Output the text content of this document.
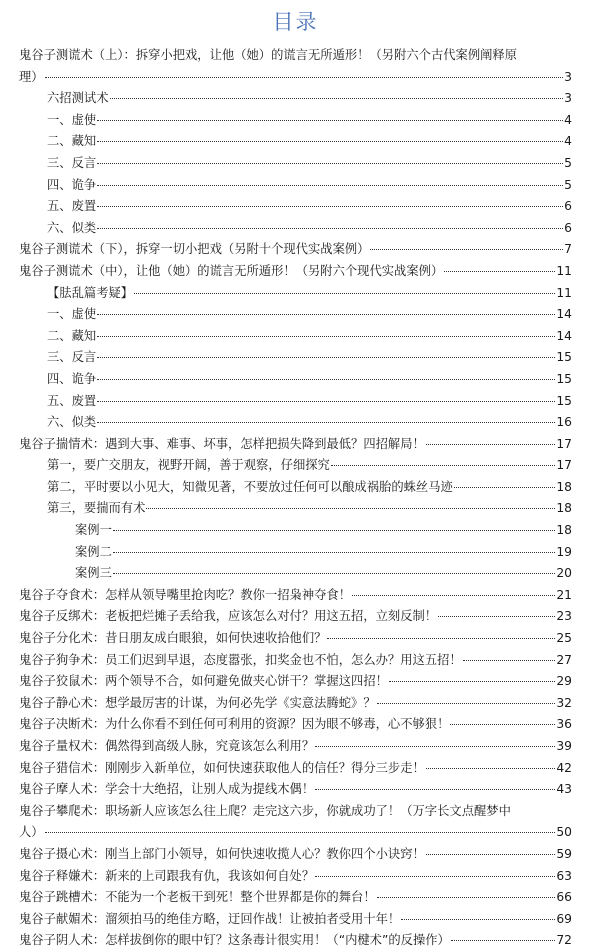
目录
鬼谷子测谎术（上）：拆穿小把戏，让他（她）的谎言无所遁形！（另附六个古代案例阐释原
理）	3
六招测试术	3
一、虚使	4
二、藏知	4
三、反言	5
四、诡争	5
五、废置	6
六、似类	6
鬼谷子测谎术（下），拆穿一切小把戏（另附十个现代实战案例）	7
鬼谷子测谎术（中），让他（她）的谎言无所遁形！（另附六个现代实战案例）	11
【胠乱篇考疑】	11
一、虚使	14
二、藏知	14
三、反言	15
四、诡争	15
五、废置	15
六、似类	16
鬼谷子揣情术：遇到大事、难事、坏事，怎样把损失降到最低？四招解局！	17
第一，要广交朋友，视野开阔，善于观察，仔细探究	17
第二，平时要以小见大，知微见著，不要放过任何可以酿成祸胎的蛛丝马迹	18
第三，要揣而有术	18
案例一	18
案例二	19
案例三	20
鬼谷子夺食术：怎样从领导嘴里抢肉吃？教你一招枭神夺食！	21
鬼谷子反绑术：老板把烂摊子丢给我，应该怎么对付？用这五招，立刻反制！	23
鬼谷子分化术：昔日朋友成白眼狼，如何快速收拾他们？	25
鬼谷子狗争术：员工们迟到早退，态度嚣张，扣奖金也不怕，怎么办？用这五招！	27
鬼谷子狡鼠术：两个领导不合，如何避免做夹心饼干？掌握这四招！	29
鬼谷子静心术：想学最厉害的计谋，为何必先学《实意法腾蛇》？	32
鬼谷子决断术：为什么你看不到任何可利用的资源？因为眼不够毒，心不够狠！	36
鬼谷子量权术：偶然得到高级人脉，究竟该怎么利用？	39
鬼谷子猎信术：刚刚步入新单位，如何快速获取他人的信任？得分三步走！	42
鬼谷子摩人术：学会十大绝招，让别人成为提线木偶！	43
鬼谷子攀爬术：职场新人应该怎么往上爬？走完这六步，你就成功了！（万字长文点醒梦中
人）	50
鬼谷子摄心术：刚当上部门小领导，如何快速收揽人心？教你四个小诀窍！	59
鬼谷子释嫌术：新来的上司跟我有仇，我该如何自处？	63
鬼谷子跳槽术：不能为一个老板干到死！整个世界都是你的舞台！	66
鬼谷子献媚术：溜须拍马的绝佳方略，迂回作战！让被拍者受用十年！	69
鬼谷子阴人术：怎样拔倒你的眼中钉？这条毒计很实用！（“内楗术”的反操作）	72
